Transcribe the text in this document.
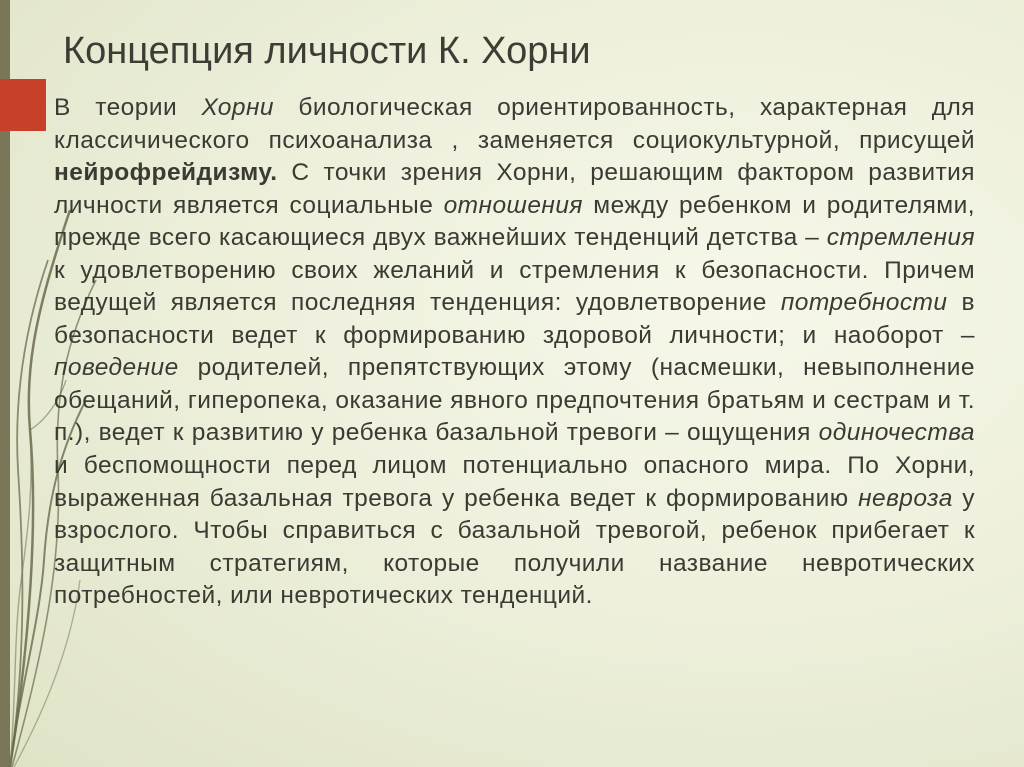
Концепция личности К. Хорни

В теории Хорни биологическая ориентированность, характерная для классичического психоанализа , заменяется социокультурной, присущей нейрофрейдизму. С точки зрения Хорни, решающим фактором развития личности является социальные отношения между ребенком и родителями, прежде всего касающиеся двух важнейших тенденций детства – стремления к удовлетворению своих желаний и стремления к безопасности. Причем ведущей является последняя тенденция: удовлетворение потребности в безопасности ведет к формированию здоровой личности; и наоборот – поведение родителей, препятствующих этому (насмешки, невыполнение обещаний, гиперопека, оказание явного предпочтения братьям и сестрам и т. п.), ведет к развитию у ребенка базальной тревоги – ощущения одиночества и беспомощности перед лицом потенциально опасного мира. По Хорни, выраженная базальная тревога у ребенка ведет к формированию невроза у взрослого. Чтобы справиться с базальной тревогой, ребенок прибегает к защитным стратегиям, которые получили название невротических потребностей, или невротических тенденций.
